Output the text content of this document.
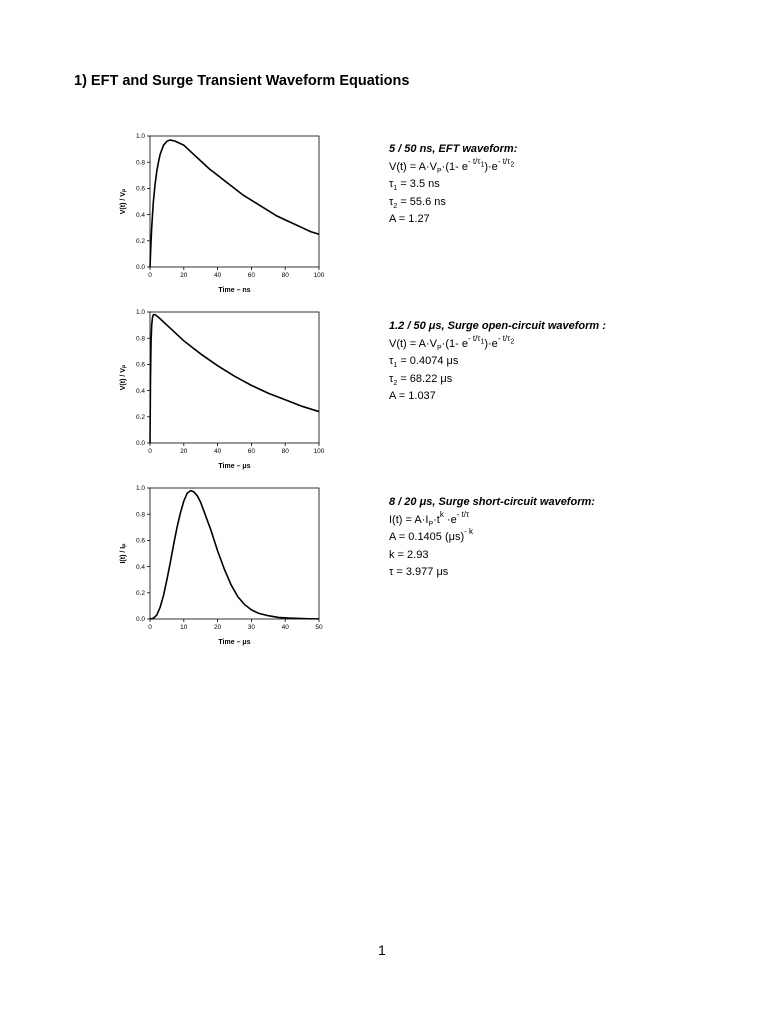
1) EFT and Surge Transient Waveform Equations
0.0
0.2
0.4
0.6
0.8
1.0
0	20	40	60	80	100
Time – ns
$V(t) / V_P$
0.0
0.2
0.4
0.6
0.8
1.0
0	20	40	60	80	100
Time – μs
$V(t) / V_P$
0.0
0.2
0.4
0.6
0.8
1.0
0	10	20	30	40	50
Time – μs
$I(t) / I_P$
5 / 50 ns, EFT waveform:
$V(t) = A\cdot V_P\cdot(1-$ $e^{- t/\tau_1})\cdot e^{- t/\tau_2}$
$\tau_1 = 3.5$ ns
$\tau_2 = 55.6$ ns
A = 1.27
1.2 / 50 μs, Surge open-circuit waveform :
$V(t) = A\cdot V_P\cdot(1-$ $e^{- t/\tau_1})\cdot e^{- t/\tau_2}$
$\tau_1 = 0.4074$ μs
$\tau_2 = 68.22$ μs
A = 1.037
8 / 20 μs, Surge short-circuit waveform:
$I(t) = A\cdot I_P\cdot t^k \cdot e^{- t/\tau}$
A = 0.1405 $(\mu s)^{- k}$
k = 2.93
τ = 3.977 μs
1
